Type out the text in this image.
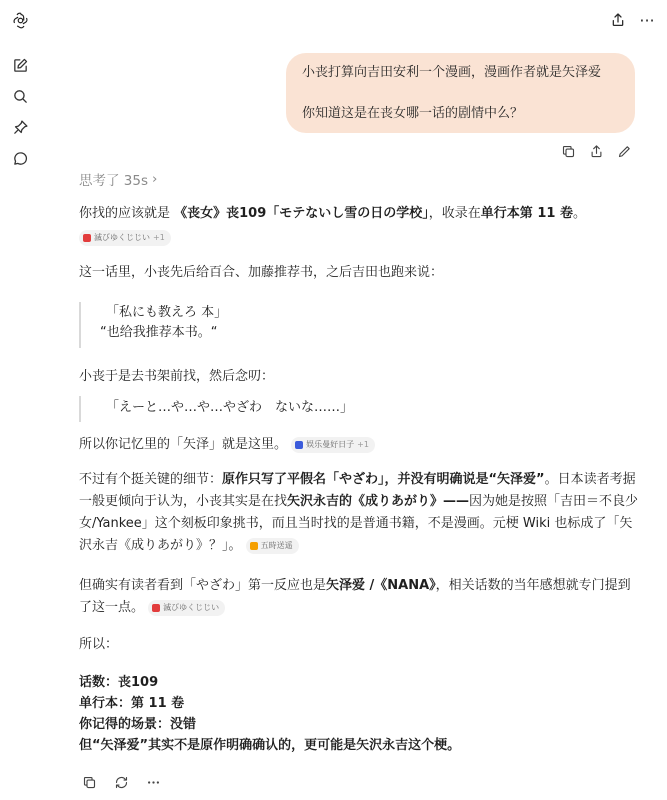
···

小丧打算向吉田安利一个漫画，漫画作者就是矢泽爱

你知道这是在丧女哪一话的剧情中么？

思考了 35s ›
你找的应该就是 《丧女》丧109「モテないし雪の日の学校」，收录在单行本第 11 卷。
滅びゆくじじい +1
这一话里，小丧先后给百合、加藤推荐书，之后吉田也跑来说：
「私にも教えろ 本」
“也给我推荐本书。“
小丧于是去书架前找，然后念叨：
「えーと…や…や…やざわ　ないな……」
所以你记忆里的「矢泽」就是这里。 娱乐曼好日子 +1
不过有个挺关键的细节：原作只写了平假名「やざわ」，并没有明确说是“矢泽爱”。日本读者考据一般更倾向于认为，小丧其实是在找矢沢永吉的《成りあがり》——因为她是按照「吉田＝不良少女/Yankee」这个刻板印象挑书，而且当时找的是普通书籍，不是漫画。元梗 Wiki 也标成了「矢沢永吉《成りあがり》？」。 五時送遥
但确实有读者看到「やざわ」第一反应也是矢泽爱 /《NANA》，相关话数的当年感想就专门提到了这一点。 滅びゆくじじい
所以：
话数：丧109
单行本：第 11 卷
你记得的场景：没错
但“矢泽爱”其实不是原作明确确认的，更可能是矢沢永吉这个梗。
